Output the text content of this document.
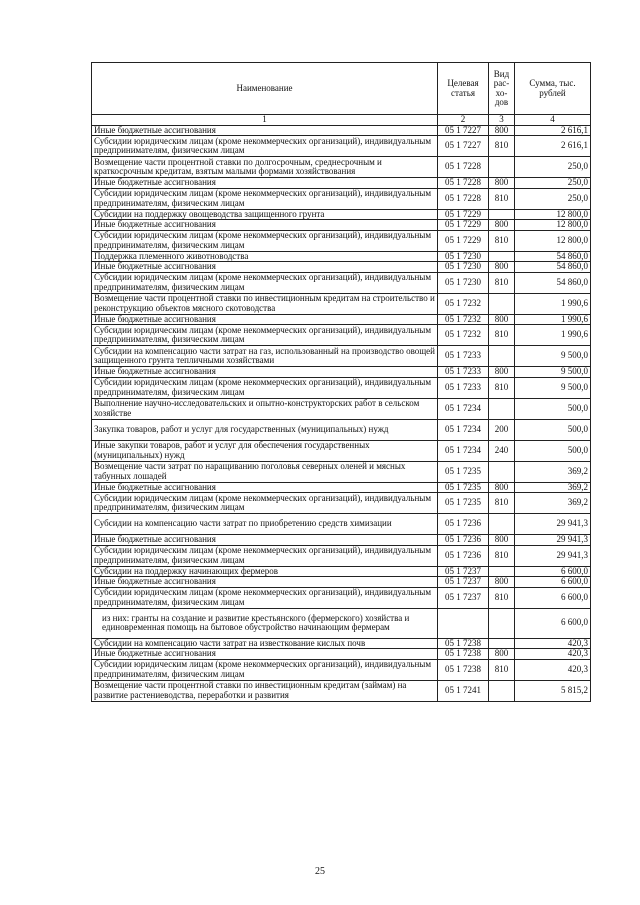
Наименование	Целевая статья	Вид рас-хо-дов	Сумма, тыс. рублей
1	2	3	4
Иные бюджетные ассигнования	05 1 7227	800	2 616,1
Субсидии юридическим лицам (кроме некоммерческих организаций), индивидуальным предпринимателям, физическим лицам	05 1 7227	810	2 616,1
Возмещение части процентной ставки по долгосрочным, среднесрочным и краткосрочным кредитам, взятым малыми формами хозяйствования	05 1 7228		250,0
Иные бюджетные ассигнования	05 1 7228	800	250,0
Субсидии юридическим лицам (кроме некоммерческих организаций), индивидуальным предпринимателям, физическим лицам	05 1 7228	810	250,0
Субсидии на поддержку овощеводства защищенного грунта	05 1 7229		12 800,0
Иные бюджетные ассигнования	05 1 7229	800	12 800,0
Субсидии юридическим лицам (кроме некоммерческих организаций), индивидуальным предпринимателям, физическим лицам	05 1 7229	810	12 800,0
Поддержка племенного животноводства	05 1 7230		54 860,0
Иные бюджетные ассигнования	05 1 7230	800	54 860,0
Субсидии юридическим лицам (кроме некоммерческих организаций), индивидуальным предпринимателям, физическим лицам	05 1 7230	810	54 860,0
Возмещение части процентной ставки по инвестиционным кредитам на строительство и реконструкцию объектов мясного скотоводства	05 1 7232		1 990,6
Иные бюджетные ассигнования	05 1 7232	800	1 990,6
Субсидии юридическим лицам (кроме некоммерческих организаций), индивидуальным предпринимателям, физическим лицам	05 1 7232	810	1 990,6
Субсидии на компенсацию части затрат на газ, использованный на производство овощей защищенного грунта тепличными хозяйствами	05 1 7233		9 500,0
Иные бюджетные ассигнования	05 1 7233	800	9 500,0
Субсидии юридическим лицам (кроме некоммерческих организаций), индивидуальным предпринимателям, физическим лицам	05 1 7233	810	9 500,0
Выполнение научно-исследовательских и опытно-конструкторских работ в сельском хозяйстве	05 1 7234		500,0
Закупка товаров, работ и услуг для государственных (муниципальных) нужд	05 1 7234	200	500,0
Иные закупки товаров, работ и услуг для обеспечения государственных (муниципальных) нужд	05 1 7234	240	500,0
Возмещение части затрат по наращиванию поголовья северных оленей и мясных табунных лошадей	05 1 7235		369,2
Иные бюджетные ассигнования	05 1 7235	800	369,2
Субсидии юридическим лицам (кроме некоммерческих организаций), индивидуальным предпринимателям, физическим лицам	05 1 7235	810	369,2
Субсидии на компенсацию части затрат по приобретению средств химизации	05 1 7236		29 941,3
Иные бюджетные ассигнования	05 1 7236	800	29 941,3
Субсидии юридическим лицам (кроме некоммерческих организаций), индивидуальным предпринимателям, физическим лицам	05 1 7236	810	29 941,3
Субсидии на поддержку начинающих фермеров	05 1 7237		6 600,0
Иные бюджетные ассигнования	05 1 7237	800	6 600,0
Субсидии юридическим лицам (кроме некоммерческих организаций), индивидуальным предпринимателям, физическим лицам	05 1 7237	810	6 600,0
из них: гранты на создание и развитие крестьянского (фермерского) хозяйства и единовременная помощь на бытовое обустройство начинающим фермерам			6 600,0
Субсидии на компенсацию части затрат на известкование кислых почв	05 1 7238		420,3
Иные бюджетные ассигнования	05 1 7238	800	420,3
Субсидии юридическим лицам (кроме некоммерческих организаций), индивидуальным предпринимателям, физическим лицам	05 1 7238	810	420,3
Возмещение части процентной ставки по инвестиционным кредитам (займам) на развитие растениеводства, переработки и развития	05 1 7241		5 815,2
25
